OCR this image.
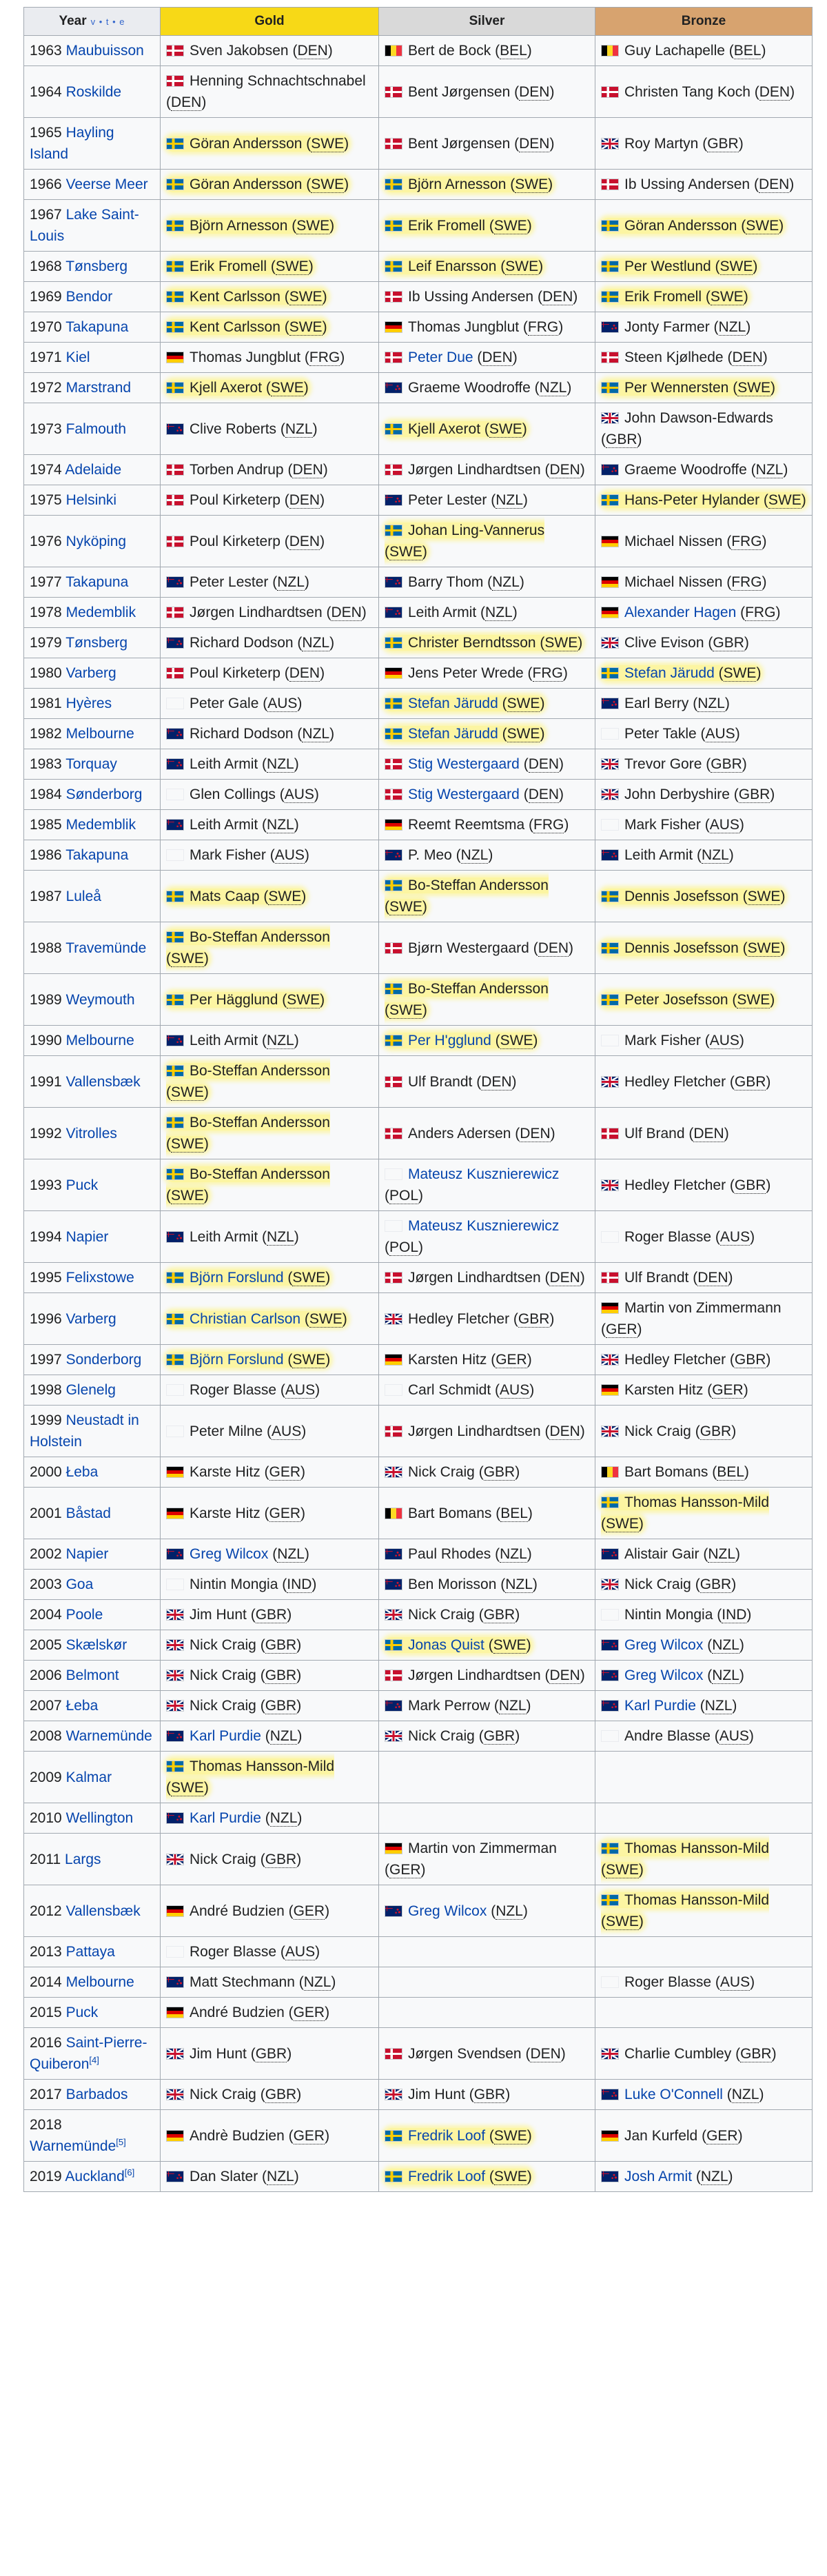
Year v • t • e	Gold	Silver	Bronze
1963 Maubuisson	Sven Jakobsen (DEN)	Bert de Bock (BEL)	Guy Lachapelle (BEL)
1964 Roskilde	Henning Schnachtschnabel (DEN)	Bent Jørgensen (DEN)	Christen Tang Koch (DEN)
1965 Hayling Island	Göran Andersson (SWE)	Bent Jørgensen (DEN)	Roy Martyn (GBR)
1966 Veerse Meer	Göran Andersson (SWE)	Björn Arnesson (SWE)	Ib Ussing Andersen (DEN)
1967 Lake Saint-Louis	Björn Arnesson (SWE)	Erik Fromell (SWE)	Göran Andersson (SWE)
1968 Tønsberg	Erik Fromell (SWE)	Leif Enarsson (SWE)	Per Westlund (SWE)
1969 Bendor	Kent Carlsson (SWE)	Ib Ussing Andersen (DEN)	Erik Fromell (SWE)
1970 Takapuna	Kent Carlsson (SWE)	Thomas Jungblut (FRG)	Jonty Farmer (NZL)
1971 Kiel	Thomas Jungblut (FRG)	Peter Due (DEN)	Steen Kjølhede (DEN)
1972 Marstrand	Kjell Axerot (SWE)	Graeme Woodroffe (NZL)	Per Wennersten (SWE)
1973 Falmouth	Clive Roberts (NZL)	Kjell Axerot (SWE)	John Dawson-Edwards (GBR)
1974 Adelaide	Torben Andrup (DEN)	Jørgen Lindhardtsen (DEN)	Graeme Woodroffe (NZL)
1975 Helsinki	Poul Kirketerp (DEN)	Peter Lester (NZL)	Hans-Peter Hylander (SWE)
1976 Nyköping	Poul Kirketerp (DEN)	Johan Ling-Vannerus (SWE)	Michael Nissen (FRG)
1977 Takapuna	Peter Lester (NZL)	Barry Thom (NZL)	Michael Nissen (FRG)
1978 Medemblik	Jørgen Lindhardtsen (DEN)	Leith Armit (NZL)	Alexander Hagen (FRG)
1979 Tønsberg	Richard Dodson (NZL)	Christer Berndtsson (SWE)	Clive Evison (GBR)
1980 Varberg	Poul Kirketerp (DEN)	Jens Peter Wrede (FRG)	Stefan Järudd (SWE)
1981 Hyères	Peter Gale (AUS)	Stefan Järudd (SWE)	Earl Berry (NZL)
1982 Melbourne	Richard Dodson (NZL)	Stefan Järudd (SWE)	Peter Takle (AUS)
1983 Torquay	Leith Armit (NZL)	Stig Westergaard (DEN)	Trevor Gore (GBR)
1984 Sønderborg	Glen Collings (AUS)	Stig Westergaard (DEN)	John Derbyshire (GBR)
1985 Medemblik	Leith Armit (NZL)	Reemt Reemtsma (FRG)	Mark Fisher (AUS)
1986 Takapuna	Mark Fisher (AUS)	P. Meo (NZL)	Leith Armit (NZL)
1987 Luleå	Mats Caap (SWE)	Bo-Steffan Andersson (SWE)	Dennis Josefsson (SWE)
1988 Travemünde	Bo-Steffan Andersson (SWE)	Bjørn Westergaard (DEN)	Dennis Josefsson (SWE)
1989 Weymouth	Per Hägglund (SWE)	Bo-Steffan Andersson (SWE)	Peter Josefsson (SWE)
1990 Melbourne	Leith Armit (NZL)	Per H'gglund (SWE)	Mark Fisher (AUS)
1991 Vallensbæk	Bo-Steffan Andersson (SWE)	Ulf Brandt (DEN)	Hedley Fletcher (GBR)
1992 Vitrolles	Bo-Steffan Andersson (SWE)	Anders Adersen (DEN)	Ulf Brand (DEN)
1993 Puck	Bo-Steffan Andersson (SWE)	Mateusz Kusznierewicz (POL)	Hedley Fletcher (GBR)
1994 Napier	Leith Armit (NZL)	Mateusz Kusznierewicz (POL)	Roger Blasse (AUS)
1995 Felixstowe	Björn Forslund (SWE)	Jørgen Lindhardtsen (DEN)	Ulf Brandt (DEN)
1996 Varberg	Christian Carlson (SWE)	Hedley Fletcher (GBR)	Martin von Zimmermann (GER)
1997 Sonderborg	Björn Forslund (SWE)	Karsten Hitz (GER)	Hedley Fletcher (GBR)
1998 Glenelg	Roger Blasse (AUS)	Carl Schmidt (AUS)	Karsten Hitz (GER)
1999 Neustadt in Holstein	Peter Milne (AUS)	Jørgen Lindhardtsen (DEN)	Nick Craig (GBR)
2000 Łeba	Karste Hitz (GER)	Nick Craig (GBR)	Bart Bomans (BEL)
2001 Båstad	Karste Hitz (GER)	Bart Bomans (BEL)	Thomas Hansson-Mild (SWE)
2002 Napier	Greg Wilcox (NZL)	Paul Rhodes (NZL)	Alistair Gair (NZL)
2003 Goa	Nintin Mongia (IND)	Ben Morisson (NZL)	Nick Craig (GBR)
2004 Poole	Jim Hunt (GBR)	Nick Craig (GBR)	Nintin Mongia (IND)
2005 Skælskør	Nick Craig (GBR)	Jonas Quist (SWE)	Greg Wilcox (NZL)
2006 Belmont	Nick Craig (GBR)	Jørgen Lindhardtsen (DEN)	Greg Wilcox (NZL)
2007 Łeba	Nick Craig (GBR)	Mark Perrow (NZL)	Karl Purdie (NZL)
2008 Warnemünde	Karl Purdie (NZL)	Nick Craig (GBR)	Andre Blasse (AUS)
2009 Kalmar	Thomas Hansson-Mild (SWE)		
2010 Wellington	Karl Purdie (NZL)		
2011 Largs	Nick Craig (GBR)	Martin von Zimmerman (GER)	Thomas Hansson-Mild (SWE)
2012 Vallensbæk	André Budzien (GER)	Greg Wilcox (NZL)	Thomas Hansson-Mild (SWE)
2013 Pattaya	Roger Blasse (AUS)		
2014 Melbourne	Matt Stechmann (NZL)		Roger Blasse (AUS)
2015 Puck	André Budzien (GER)		
2016 Saint-Pierre-Quiberon[4]	Jim Hunt (GBR)	Jørgen Svendsen (DEN)	Charlie Cumbley (GBR)
2017 Barbados	Nick Craig (GBR)	Jim Hunt (GBR)	Luke O'Connell (NZL)
2018 Warnemünde[5]	Andrè Budzien (GER)	Fredrik Loof (SWE)	Jan Kurfeld (GER)
2019 Auckland[6]	Dan Slater (NZL)	Fredrik Loof (SWE)	Josh Armit (NZL)
